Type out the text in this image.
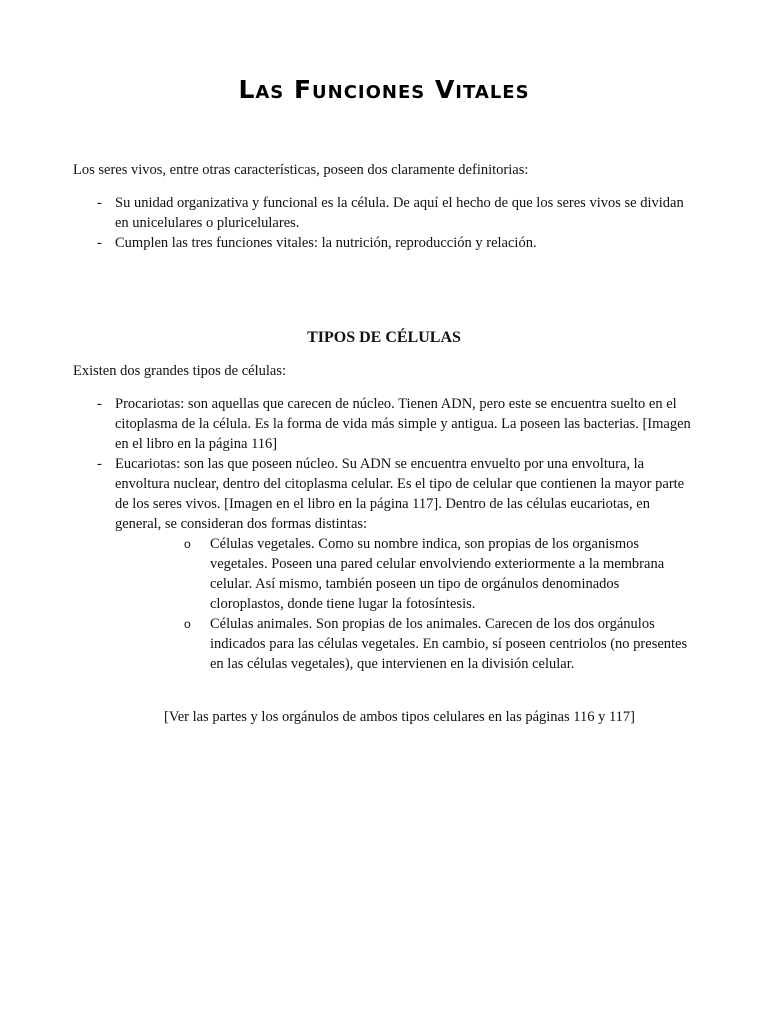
Las Funciones Vitales
Los seres vivos, entre otras características, poseen dos claramente definitorias:
- Su unidad organizativa y funcional es la célula. De aquí el hecho de que los seres vivos se dividan en unicelulares o pluricelulares.
- Cumplen las tres funciones vitales: la nutrición, reproducción y relación.
TIPOS DE CÉLULAS
Existen dos grandes tipos de células:
- Procariotas: son aquellas que carecen de núcleo. Tienen ADN, pero este se encuentra suelto en el citoplasma de la célula. Es la forma de vida más simple y antigua. La poseen las bacterias. [Imagen en el libro en la página 116]
- Eucariotas: son las que poseen núcleo. Su ADN se encuentra envuelto por una envoltura, la envoltura nuclear, dentro del citoplasma celular. Es el tipo de celular que contienen la mayor parte de los seres vivos. [Imagen en el libro en la página 117]. Dentro de las células eucariotas, en general, se consideran dos formas distintas:
o Células vegetales. Como su nombre indica, son propias de los organismos vegetales. Poseen una pared celular envolviendo exteriormente a la membrana celular. Así mismo, también poseen un tipo de orgánulos denominados cloroplastos, donde tiene lugar la fotosíntesis.
o Células animales. Son propias de los animales. Carecen de los dos orgánulos indicados para las células vegetales. En cambio, sí poseen centriolos (no presentes en las células vegetales), que intervienen en la división celular.
[Ver las partes y los orgánulos de ambos tipos celulares en las páginas 116 y 117]
